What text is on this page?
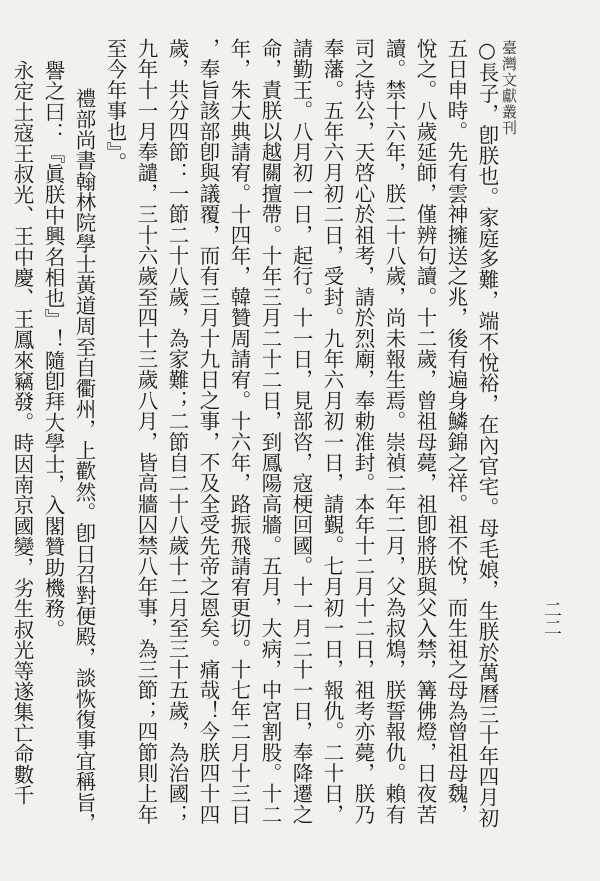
臺灣文獻叢刊
二二
○長子，卽朕也。家庭多難，端不悅裕，在內官宅。母毛娘，生朕於萬曆三十年四月初
五日申時。先有雲神擁送之兆，後有遍身鱗錦之祥。祖不悅，而生祖之母為曾祖母魏，
悅之。八歲延師，僅辨句讀。十二歲，曾祖母薨，祖卽將朕與父入禁，篝佛燈，日夜苦
讀。禁十六年，朕二十八歲，尚未報生焉。崇禎二年二月，父為叔鴆，朕誓報仇。賴有
司之持公，天啓心於祖考，請於烈廟，奉勅准封。本年十二月十二日，祖考亦薨，朕乃
奉藩。五年六月初二日，受封。九年六月初一日，請覲。七月初一日，報仇。二十日，
請勤王。八月初一日，起行。十一日，見部咨，寇梗回國。十一月二十一日，奉降遷之
命，責朕以越關擅帶。十年三月二十二日，到鳳陽高牆。五月，大病，中宮割股。十二
年，朱大典請宥。十四年，韓贊周請宥。十六年，路振飛請宥更切。十七年二月十三日
，奉旨該部卽與議覆，而有三月十九日之事，不及全受先帝之恩矣。痛哉！今朕四十四
歲，共分四節：一節二十八歲，為家難；二節自二十八歲十二月至三十五歲，為治國；
九年十一月奉譴，三十六歲至四十三歲八月，皆高牆囚禁八年事，為三節；四節則上年
至今年事也』。
禮部尚書翰林院學士黃道周至自衢州，上歡然。卽日召對便殿，談恢復事宜稱旨，
譽之曰：『眞朕中興名相也』！隨卽拜大學士，入閣贊助機務。
永定土寇王叔光、王中慶、王鳳來竊發。時因南京國變，劣生叔光等遂集亡命數千
